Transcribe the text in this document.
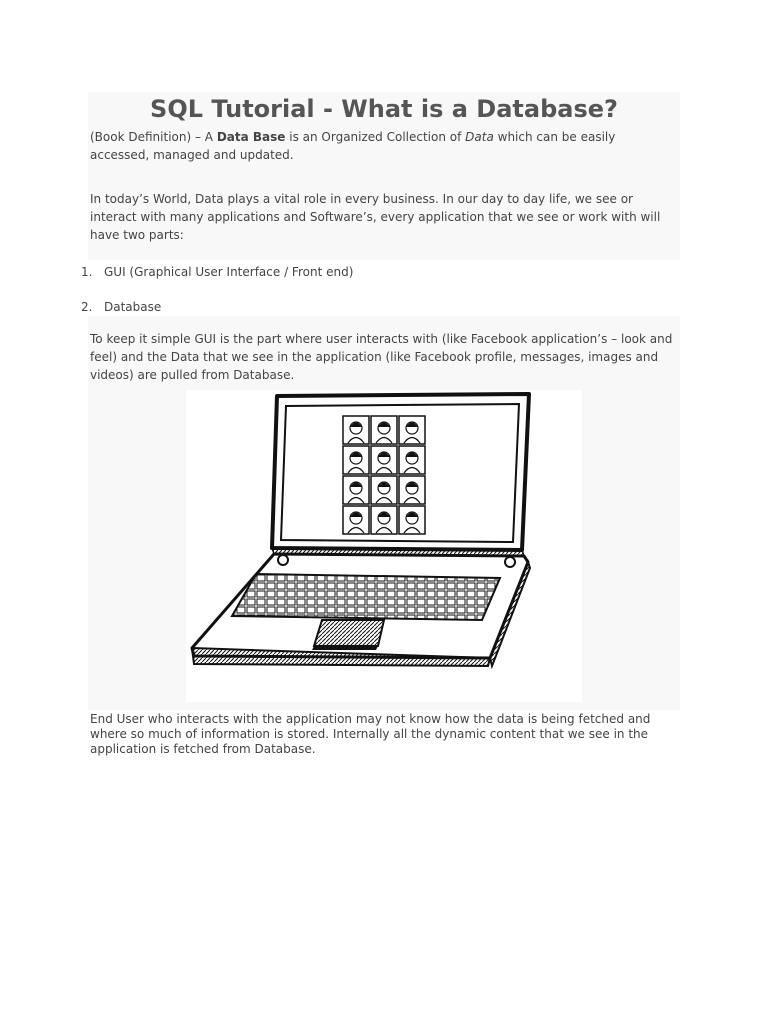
SQL Tutorial - What is a Database?

(Book Definition) – A Data Base is an Organized Collection of Data which can be easily accessed, managed and updated.

In today’s World, Data plays a vital role in every business. In our day to day life, we see or interact with many applications and Software’s, every application that we see or work with will have two parts:

1. GUI (Graphical User Interface / Front end)
2. Database

To keep it simple GUI is the part where user interacts with (like Facebook application’s – look and feel) and the Data that we see in the application (like Facebook profile, messages, images and videos) are pulled from Database.

End User who interacts with the application may not know how the data is being fetched and where so much of information is stored. Internally all the dynamic content that we see in the application is fetched from Database.
